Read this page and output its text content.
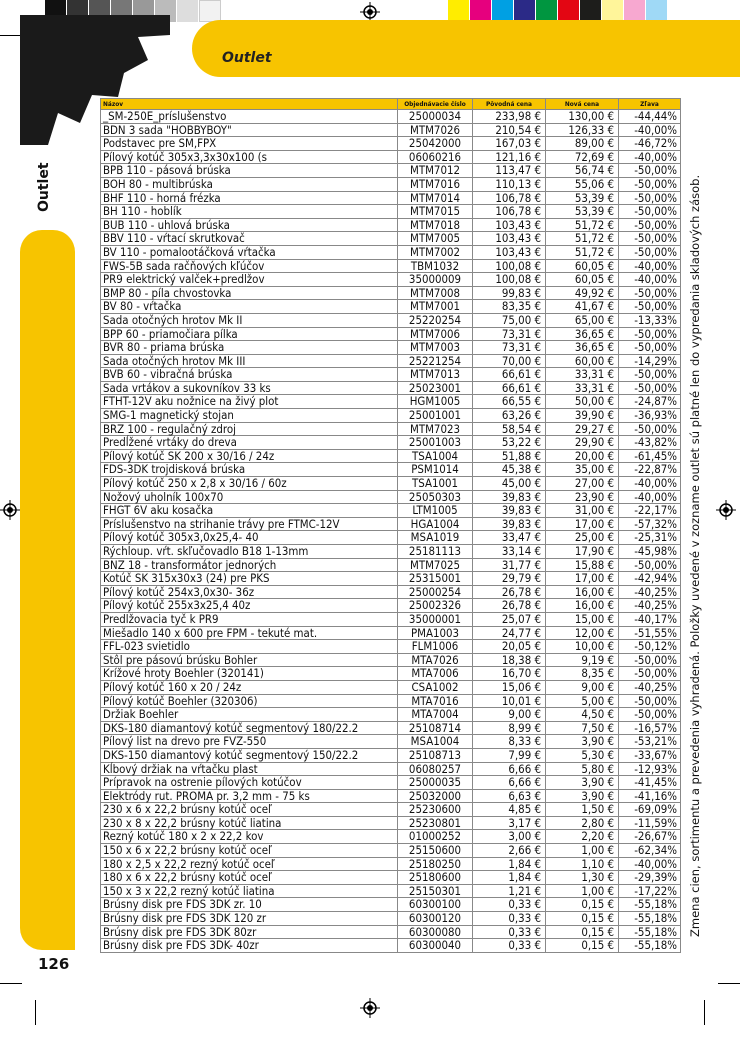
Outlet
Outlet
126
Zmena cien, sortimentu a prevedenia vyhradená. Položky uvedené v zozname outlet sú platné len do vypredania skladových zásob.
Názov	Objednávacie číslo	Pôvodná cena	Nová cena	Zľava
_SM-250E_príslušenstvo	25000034	233,98 €	130,00 €	-44,44%
BDN 3 sada "HOBBYBOY"	MTM7026	210,54 €	126,33 €	-40,00%
Podstavec pre SM,FPX	25042000	167,03 €	89,00 €	-46,72%
Pílový kotúč 305x3,3x30x100 (s	06060216	121,16 €	72,69 €	-40,00%
BPB 110 - pásová brúska	MTM7012	113,47 €	56,74 €	-50,00%
BOH 80 - multibrúska	MTM7016	110,13 €	55,06 €	-50,00%
BHF 110 - horná frézka	MTM7014	106,78 €	53,39 €	-50,00%
BH 110 - hoblík	MTM7015	106,78 €	53,39 €	-50,00%
BUB 110 - uhlová brúska	MTM7018	103,43 €	51,72 €	-50,00%
BBV 110 - vŕtací skrutkovač	MTM7005	103,43 €	51,72 €	-50,00%
BV 110 - pomalootáčková vŕtačka	MTM7002	103,43 €	51,72 €	-50,00%
FWS-5B sada račňových kľúčov	TBM1032	100,08 €	60,05 €	-40,00%
PR9 elektrický valček+predlžov	35000009	100,08 €	60,05 €	-40,00%
BMP 80 - píla chvostovka	MTM7008	99,83 €	49,92 €	-50,00%
BV 80 - vŕtačka	MTM7001	83,35 €	41,67 €	-50,00%
Sada otočných hrotov Mk II	25220254	75,00 €	65,00 €	-13,33%
BPP 60 - priamočiara pílka	MTM7006	73,31 €	36,65 €	-50,00%
BVR 80 - priama brúska	MTM7003	73,31 €	36,65 €	-50,00%
Sada otočných hrotov Mk III	25221254	70,00 €	60,00 €	-14,29%
BVB 60 - vibračná brúska	MTM7013	66,61 €	33,31 €	-50,00%
Sada vrtákov a sukovníkov 33 ks	25023001	66,61 €	33,31 €	-50,00%
FTHT-12V aku nožnice na živý plot	HGM1005	66,55 €	50,00 €	-24,87%
SMG-1 magnetický stojan	25001001	63,26 €	39,90 €	-36,93%
BRZ 100 - regulačný zdroj	MTM7023	58,54 €	29,27 €	-50,00%
Predĺžené vrtáky do dreva	25001003	53,22 €	29,90 €	-43,82%
Pílový kotúč SK 200 x 30/16 / 24z	TSA1004	51,88 €	20,00 €	-61,45%
FDS-3DK trojdisková brúska	PSM1014	45,38 €	35,00 €	-22,87%
Pílový kotúč 250 x 2,8 x 30/16 / 60z	TSA1001	45,00 €	27,00 €	-40,00%
Nožový uholník 100x70	25050303	39,83 €	23,90 €	-40,00%
FHGT 6V aku kosačka	LTM1005	39,83 €	31,00 €	-22,17%
Príslušenstvo na strihanie trávy pre FTMC-12V	HGA1004	39,83 €	17,00 €	-57,32%
Pílový kotúč 305x3,0x25,4- 40	MSA1019	33,47 €	25,00 €	-25,31%
Rýchloup. vŕt. skľučovadlo B18 1-13mm	25181113	33,14 €	17,90 €	-45,98%
BNZ 18 - transformátor jednorých	MTM7025	31,77 €	15,88 €	-50,00%
Kotúč SK 315x30x3 (24) pre PKS	25315001	29,79 €	17,00 €	-42,94%
Pílový kotúč 254x3,0x30- 36z	25000254	26,78 €	16,00 €	-40,25%
Pílový kotúč 255x3x25,4 40z	25002326	26,78 €	16,00 €	-40,25%
Predlžovacia tyč k PR9	35000001	25,07 €	15,00 €	-40,17%
Miešadlo 140 x 600 pre FPM - tekuté mat.	PMA1003	24,77 €	12,00 €	-51,55%
FFL-023 svietidlo	FLM1006	20,05 €	10,00 €	-50,12%
Stôl pre pásovú brúsku Bohler	MTA7026	18,38 €	9,19 €	-50,00%
Krížové hroty Boehler (320141)	MTA7006	16,70 €	8,35 €	-50,00%
Pílový kotúč 160 x 20 / 24z	CSA1002	15,06 €	9,00 €	-40,25%
Pílový kotúč Boehler (320306)	MTA7016	10,01 €	5,00 €	-50,00%
Držiak Boehler	MTA7004	9,00 €	4,50 €	-50,00%
DKS-180 diamantový kotúč segmentový 180/22.2	25108714	8,99 €	7,50 €	-16,57%
Pílový list na drevo pre FVZ-550	MSA1004	8,33 €	3,90 €	-53,21%
DKS-150 diamantový kotúč segmentový 150/22.2	25108713	7,99 €	5,30 €	-33,67%
Kĺbový držiak na vŕtačku plast	06080257	6,66 €	5,80 €	-12,93%
Prípravok na ostrenie pílových kotúčov	25000035	6,66 €	3,90 €	-41,45%
Elektródy rut. PROMA pr. 3,2 mm - 75 ks	25032000	6,63 €	3,90 €	-41,16%
230 x 6 x 22,2 brúsny kotúč oceľ	25230600	4,85 €	1,50 €	-69,09%
230 x 8 x 22,2 brúsny kotúč liatina	25230801	3,17 €	2,80 €	-11,59%
Rezný kotúč 180 x 2 x 22,2 kov	01000252	3,00 €	2,20 €	-26,67%
150 x 6 x 22,2 brúsny kotúč oceľ	25150600	2,66 €	1,00 €	-62,34%
180 x 2,5 x 22,2 rezný kotúč oceľ	25180250	1,84 €	1,10 €	-40,00%
180 x 6 x 22,2 brúsny kotúč oceľ	25180600	1,84 €	1,30 €	-29,39%
150 x 3 x 22,2 rezný kotúč liatina	25150301	1,21 €	1,00 €	-17,22%
Brúsny disk pre FDS 3DK zr. 10	60300100	0,33 €	0,15 €	-55,18%
Brúsny disk pre FDS 3DK 120 zr	60300120	0,33 €	0,15 €	-55,18%
Brúsny disk pre FDS 3DK 80zr	60300080	0,33 €	0,15 €	-55,18%
Brúsny disk pre FDS 3DK- 40zr	60300040	0,33 €	0,15 €	-55,18%
